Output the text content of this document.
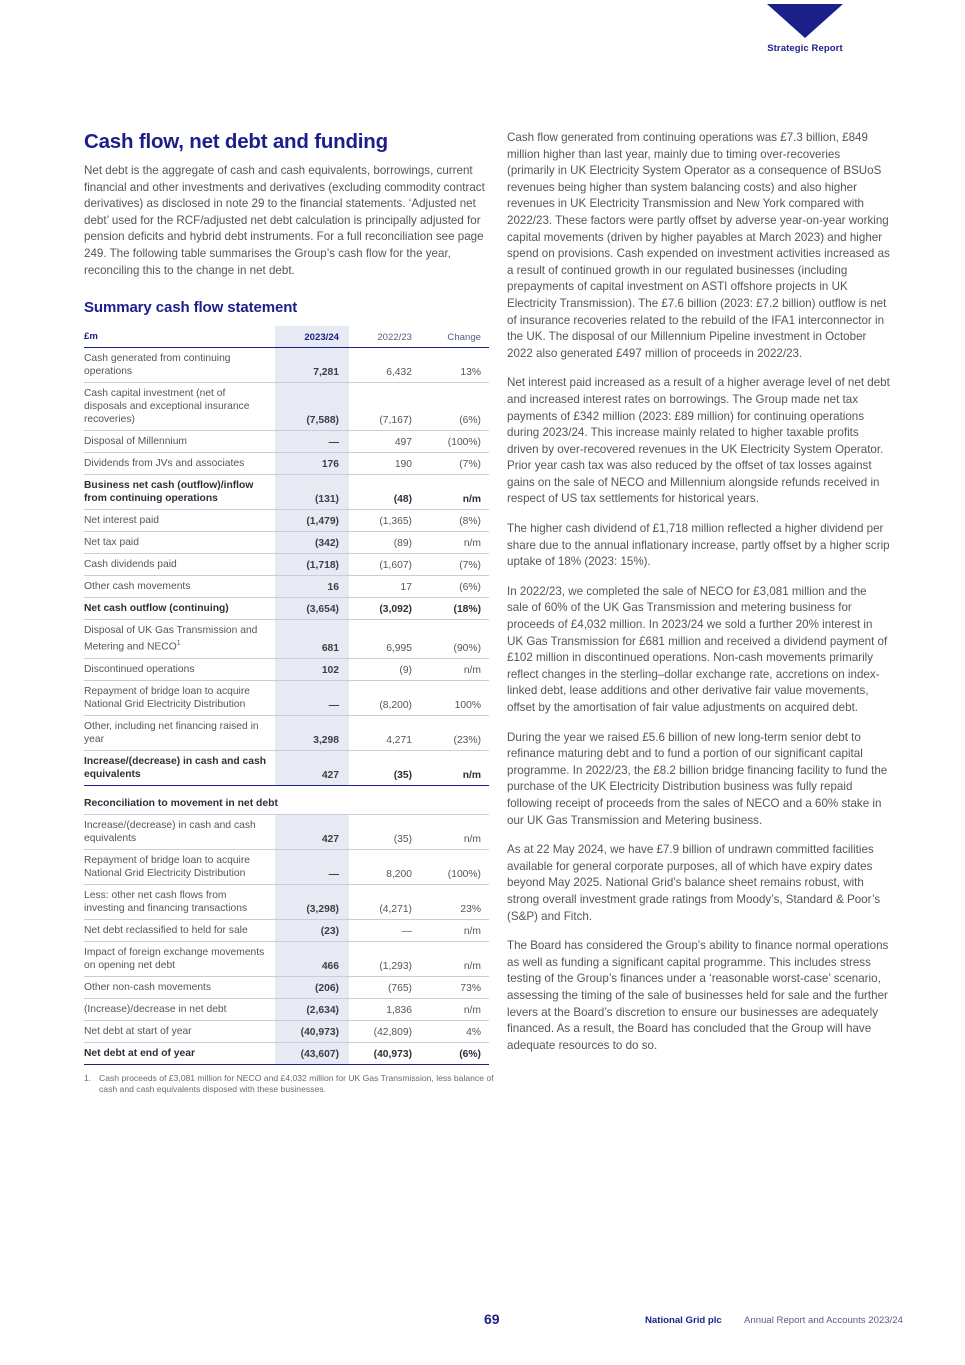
Strategic Report
Cash flow, net debt and funding

Net debt is the aggregate of cash and cash equivalents, borrowings, current financial and other investments and derivatives (excluding commodity contract derivatives) as disclosed in note 29 to the financial statements. ‘Adjusted net debt’ used for the RCF/adjusted net debt calculation is principally adjusted for pension deficits and hybrid debt instruments. For a full reconciliation see page 249. The following table summarises the Group’s cash flow for the year, reconciling this to the change in net debt.

Summary cash flow statement
£m	2023/24	2022/23	Change
Cash generated from continuing operations	7,281	6,432	13%
Cash capital investment (net of disposals and exceptional insurance recoveries)	(7,588)	(7,167)	(6%)
Disposal of Millennium	—	497	(100%)
Dividends from JVs and associates	176	190	(7%)
Business net cash (outflow)/inflow from continuing operations	(131)	(48)	n/m
Net interest paid	(1,479)	(1,365)	(8%)
Net tax paid	(342)	(89)	n/m
Cash dividends paid	(1,718)	(1,607)	(7%)
Other cash movements	16	17	(6%)
Net cash outflow (continuing)	(3,654)	(3,092)	(18%)
Disposal of UK Gas Transmission and Metering and NECO$^1$	681	6,995	(90%)
Discontinued operations	102	(9)	n/m
Repayment of bridge loan to acquire National Grid Electricity Distribution	—	(8,200)	100%
Other, including net financing raised in year	3,298	4,271	(23%)
Increase/(decrease) in cash and cash equivalents	427	(35)	n/m

Reconciliation to movement in net debt			
Increase/(decrease) in cash and cash equivalents	427	(35)	n/m
Repayment of bridge loan to acquire National Grid Electricity Distribution	—	8,200	(100%)
Less: other net cash flows from investing and financing transactions	(3,298)	(4,271)	23%
Net debt reclassified to held for sale	(23)	—	n/m
Impact of foreign exchange movements on opening net debt	466	(1,293)	n/m
Other non-cash movements	(206)	(765)	73%
(Increase)/decrease in net debt	(2,634)	1,836	n/m
Net debt at start of year	(40,973)	(42,809)	4%
Net debt at end of year	(43,607)	(40,973)	(6%)

1. Cash proceeds of £3,081 million for NECO and £4,032 million for UK Gas Transmission, less balance of cash and cash equivalents disposed with these businesses.

Cash flow generated from continuing operations was £7.3 billion, £849 million higher than last year, mainly due to timing over-recoveries (primarily in UK Electricity System Operator as a consequence of BSUoS revenues being higher than system balancing costs) and also higher revenues in UK Electricity Transmission and New York compared with 2022/23. These factors were partly offset by adverse year-on-year working capital movements (driven by higher payables at March 2023) and higher spend on provisions. Cash expended on investment activities increased as a result of continued growth in our regulated businesses (including prepayments of capital investment on ASTI offshore projects in UK Electricity Transmission). The £7.6 billion (2023: £7.2 billion) outflow is net of insurance recoveries related to the rebuild of the IFA1 interconnector in the UK. The disposal of our Millennium Pipeline investment in October 2022 also generated £497 million of proceeds in 2022/23.

Net interest paid increased as a result of a higher average level of net debt and increased interest rates on borrowings. The Group made net tax payments of £342 million (2023: £89 million) for continuing operations during 2023/24. This increase mainly related to higher taxable profits driven by over-recovered revenues in the UK Electricity System Operator. Prior year cash tax was also reduced by the offset of tax losses against gains on the sale of NECO and Millennium alongside refunds received in respect of US tax settlements for historical years.

The higher cash dividend of £1,718 million reflected a higher dividend per share due to the annual inflationary increase, partly offset by a higher scrip uptake of 18% (2023: 15%).

In 2022/23, we completed the sale of NECO for £3,081 million and the sale of 60% of the UK Gas Transmission and metering business for proceeds of £4,032 million. In 2023/24 we sold a further 20% interest in UK Gas Transmission for £681 million and received a dividend payment of £102 million in discontinued operations. Non-cash movements primarily reflect changes in the sterling–dollar exchange rate, accretions on index-linked debt, lease additions and other derivative fair value movements, offset by the amortisation of fair value adjustments on acquired debt.

During the year we raised £5.6 billion of new long-term senior debt to refinance maturing debt and to fund a portion of our significant capital programme. In 2022/23, the £8.2 billion bridge financing facility to fund the purchase of the UK Electricity Distribution business was fully repaid following receipt of proceeds from the sales of NECO and a 60% stake in our UK Gas Transmission and Metering business.

As at 22 May 2024, we have £7.9 billion of undrawn committed facilities available for general corporate purposes, all of which have expiry dates beyond May 2025. National Grid’s balance sheet remains robust, with strong overall investment grade ratings from Moody’s, Standard & Poor’s (S&P) and Fitch.

The Board has considered the Group’s ability to finance normal operations as well as funding a significant capital programme. This includes stress testing of the Group’s finances under a ‘reasonable worst-case’ scenario, assessing the timing of the sale of businesses held for sale and the further levers at the Board’s discretion to ensure our businesses are adequately financed. As a result, the Board has concluded that the Group will have adequate resources to do so.

69	National Grid plc Annual Report and Accounts 2023/24
